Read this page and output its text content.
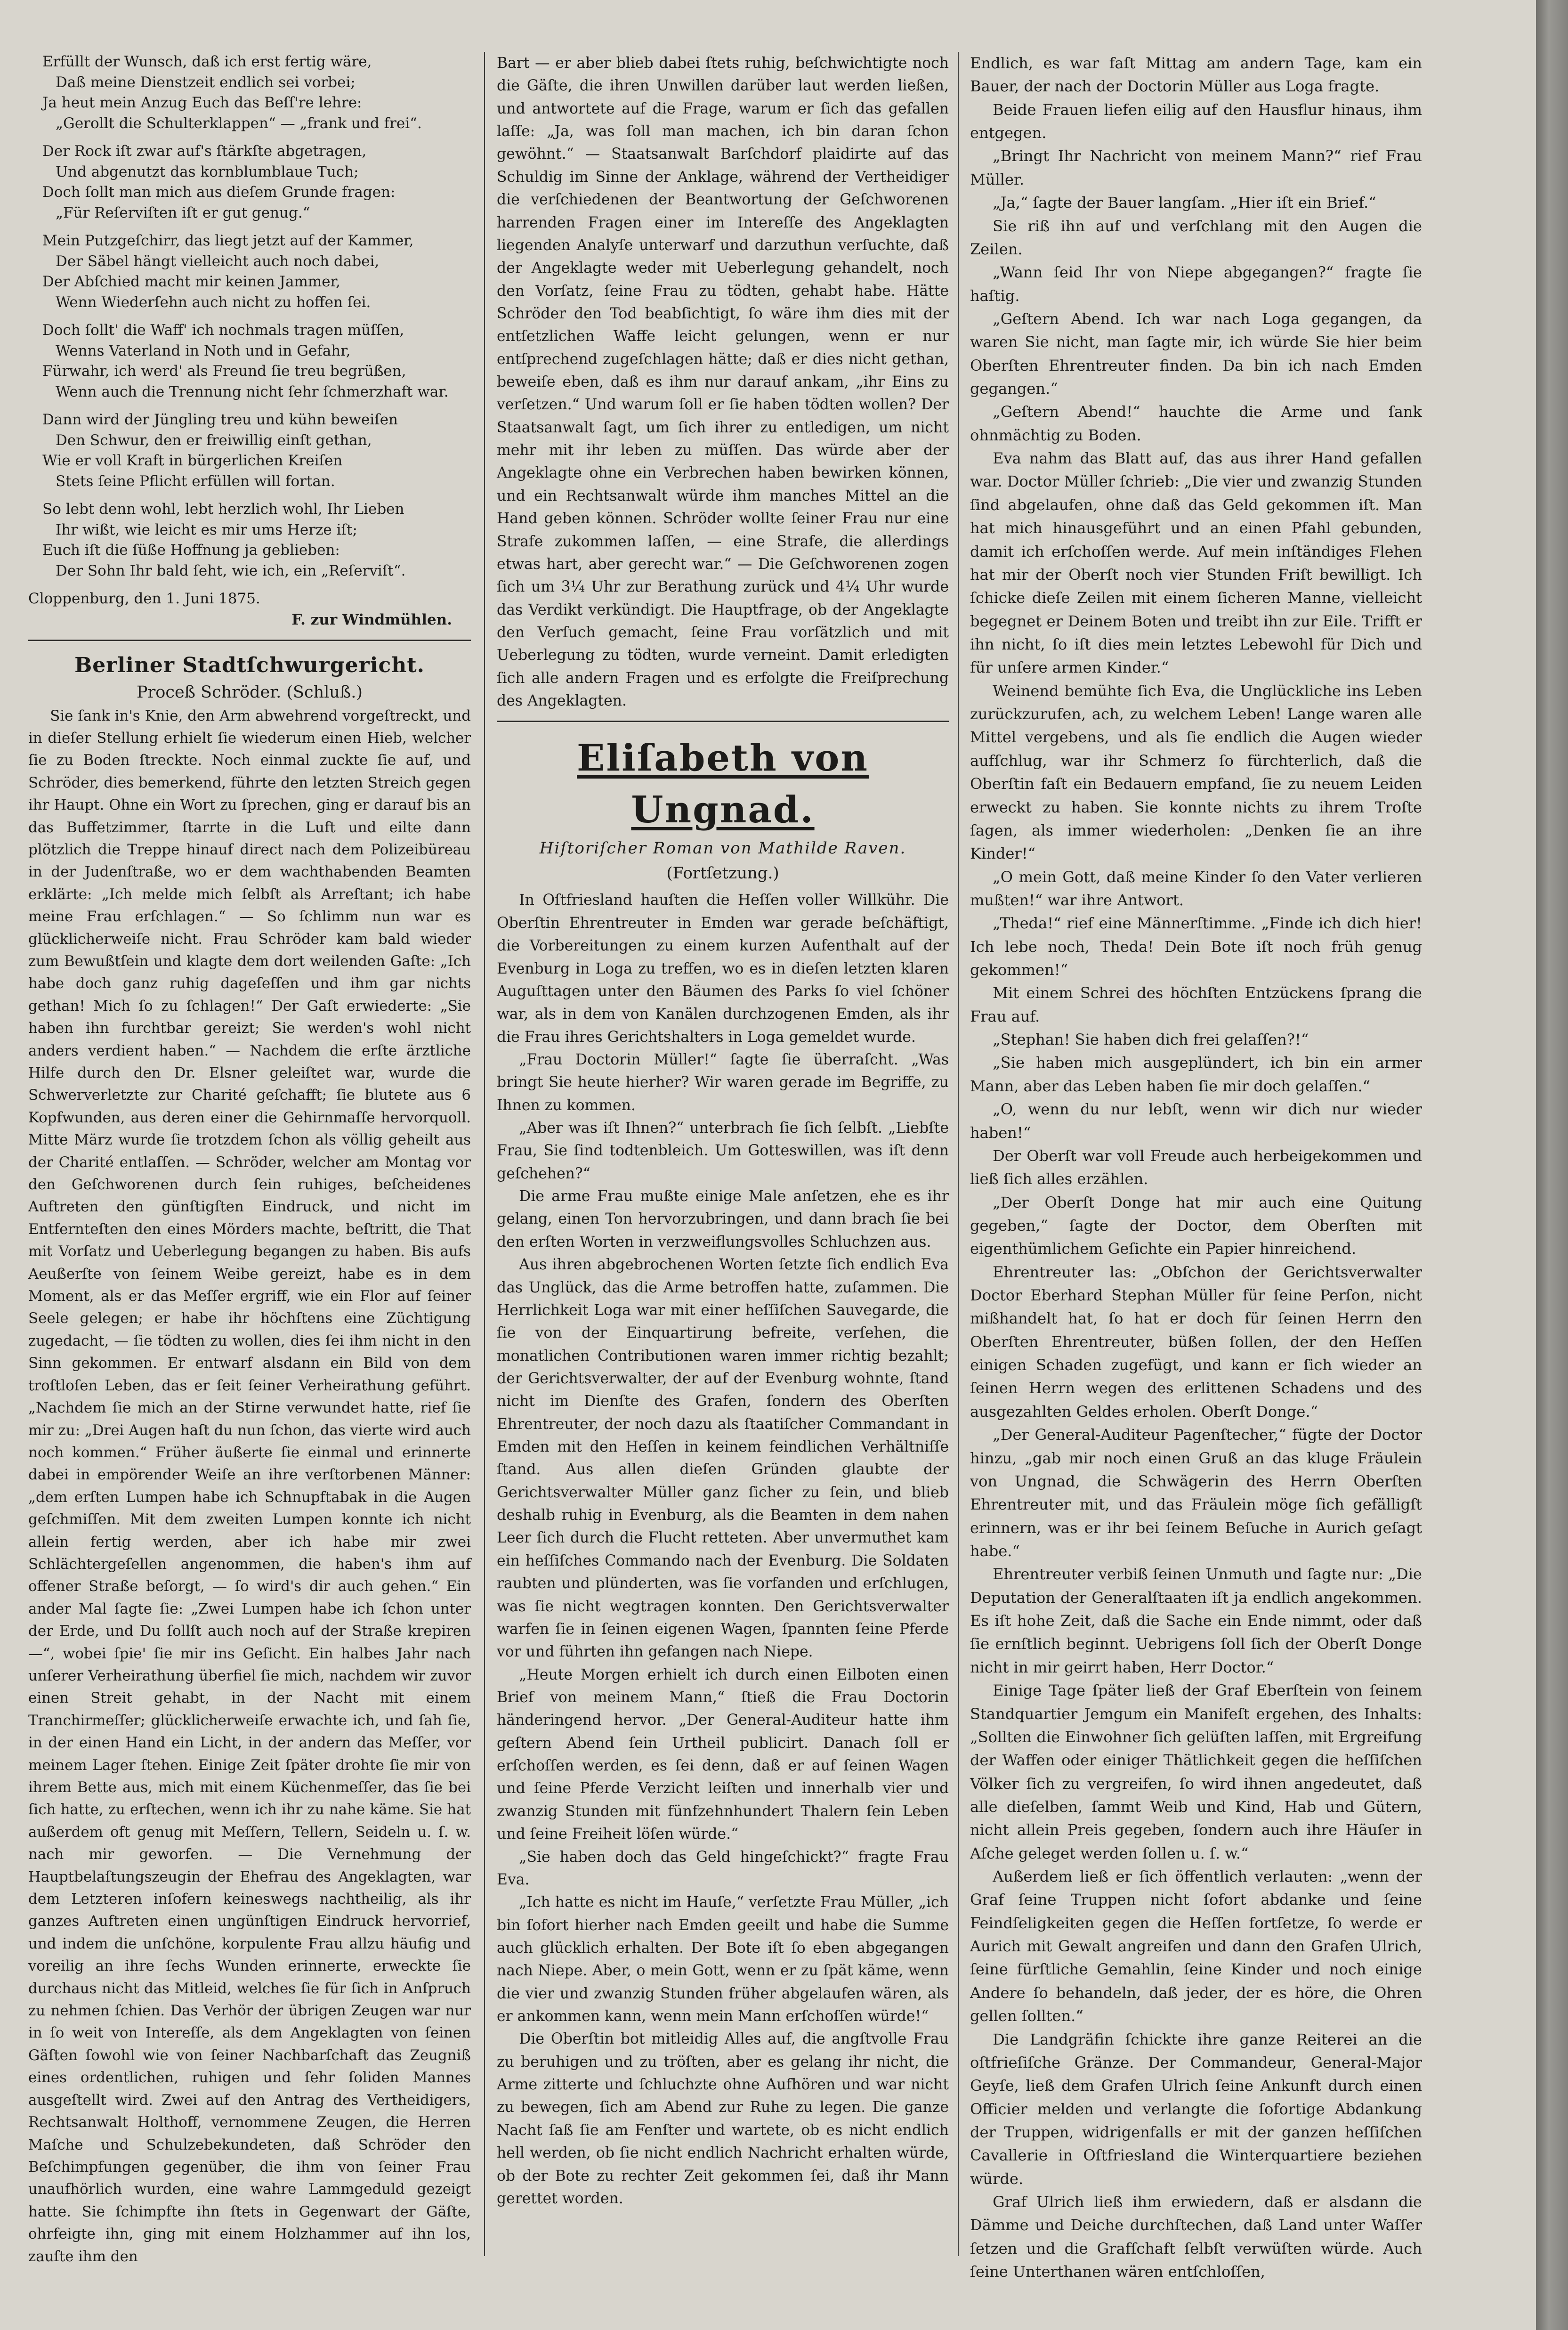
Erfüllt der Wunsch, daß ich erst fertig wäre,
Daß meine Dienstzeit endlich sei vorbei;
Ja heut mein Anzug Euch das Beſſ're lehre:
„Gerollt die Schulterklappen“ — „frank und frei“.
Der Rock iſt zwar auf's ſtärkſte abgetragen,
Und abgenutzt das kornblumblaue Tuch;
Doch ſollt man mich aus dieſem Grunde fragen:
„Für Reſerviſten iſt er gut genug.“
Mein Putzgeſchirr, das liegt jetzt auf der Kammer,
Der Säbel hängt vielleicht auch noch dabei,
Der Abſchied macht mir keinen Jammer,
Wenn Wiederſehn auch nicht zu hoffen ſei.
Doch ſollt' die Waff' ich nochmals tragen müſſen,
Wenns Vaterland in Noth und in Gefahr,
Fürwahr, ich werd' als Freund ſie treu begrüßen,
Wenn auch die Trennung nicht ſehr ſchmerzhaft war.
Dann wird der Jüngling treu und kühn beweiſen
Den Schwur, den er freiwillig einſt gethan,
Wie er voll Kraft in bürgerlichen Kreiſen
Stets ſeine Pflicht erfüllen will fortan.
So lebt denn wohl, lebt herzlich wohl, Ihr Lieben
Ihr wißt, wie leicht es mir ums Herze iſt;
Euch iſt die ſüße Hoffnung ja geblieben:
Der Sohn Ihr bald ſeht, wie ich, ein „Reſerviſt“.
Cloppenburg, den 1. Juni 1875.
F. zur Windmühlen.
Berliner Stadtſchwurgericht.
Proceß Schröder. (Schluß.)

Sie ſank in's Knie, den Arm abwehrend vorgeſtreckt, und in dieſer Stellung erhielt ſie wiederum einen Hieb, welcher ſie zu Boden ſtreckte. Noch einmal zuckte ſie auf, und Schröder, dies bemerkend, führte den letzten Streich gegen ihr Haupt. Ohne ein Wort zu ſprechen, ging er darauf bis an das Buffetzimmer, ſtarrte in die Luft und eilte dann plötzlich die Treppe hinauf direct nach dem Polizeibüreau in der Judenſtraße, wo er dem wachthabenden Beamten erklärte: „Ich melde mich ſelbſt als Arreſtant; ich habe meine Frau erſchlagen.“ — So ſchlimm nun war es glücklicherweiſe nicht. Frau Schröder kam bald wieder zum Bewußtſein und klagte dem dort weilenden Gaſte: „Ich habe doch ganz ruhig dageſeſſen und ihm gar nichts gethan! Mich ſo zu ſchlagen!“ Der Gaſt erwiederte: „Sie haben ihn furchtbar gereizt; Sie werden's wohl nicht anders verdient haben.“ — Nachdem die erſte ärztliche Hilfe durch den Dr. Elsner geleiſtet war, wurde die Schwerverletzte zur Charité geſchafft; ſie blutete aus 6 Kopfwunden, aus deren einer die Gehirnmaſſe hervorquoll. Mitte März wurde ſie trotzdem ſchon als völlig geheilt aus der Charité entlaſſen. — Schröder, welcher am Montag vor den Geſchworenen durch ſein ruhiges, beſcheidenes Auftreten den günſtigſten Eindruck, und nicht im Entfernteſten den eines Mörders machte, beſtritt, die That mit Vorſatz und Ueberlegung begangen zu haben. Bis aufs Aeußerſte von ſeinem Weibe gereizt, habe es in dem Moment, als er das Meſſer ergriff, wie ein Flor auf ſeiner Seele gelegen; er habe ihr höchſtens eine Züchtigung zugedacht, — ſie tödten zu wollen, dies ſei ihm nicht in den Sinn gekommen. Er entwarf alsdann ein Bild von dem troſtloſen Leben, das er ſeit ſeiner Verheirathung geführt. „Nachdem ſie mich an der Stirne verwundet hatte, rief ſie mir zu: „Drei Augen haſt du nun ſchon, das vierte wird auch noch kommen.“ Früher äußerte ſie einmal und erinnerte dabei in empörender Weiſe an ihre verſtorbenen Männer: „dem erſten Lumpen habe ich Schnupftabak in die Augen geſchmiſſen. Mit dem zweiten Lumpen konnte ich nicht allein fertig werden, aber ich habe mir zwei Schlächtergeſellen angenommen, die haben's ihm auf offener Straße beſorgt, — ſo wird's dir auch gehen.“ Ein ander Mal ſagte ſie: „Zwei Lumpen habe ich ſchon unter der Erde, und Du ſollſt auch noch auf der Straße krepiren —“, wobei ſpie' ſie mir ins Geſicht. Ein halbes Jahr nach unſerer Verheirathung überfiel ſie mich, nachdem wir zuvor einen Streit gehabt, in der Nacht mit einem Tranchirmeſſer; glücklicherweiſe erwachte ich, und ſah ſie, in der einen Hand ein Licht, in der andern das Meſſer, vor meinem Lager ſtehen. Einige Zeit ſpäter drohte ſie mir von ihrem Bette aus, mich mit einem Küchenmeſſer, das ſie bei ſich hatte, zu erſtechen, wenn ich ihr zu nahe käme. Sie hat außerdem oft genug mit Meſſern, Tellern, Seideln u. ſ. w. nach mir geworfen. — Die Vernehmung der Hauptbelaſtungszeugin der Ehefrau des Angeklagten, war dem Letzteren inſofern keineswegs nachtheilig, als ihr ganzes Auftreten einen ungünſtigen Eindruck hervorrief, und indem die unſchöne, korpulente Frau allzu häufig und voreilig an ihre ſechs Wunden erinnerte, erweckte ſie durchaus nicht das Mitleid, welches ſie für ſich in Anſpruch zu nehmen ſchien. Das Verhör der übrigen Zeugen war nur in ſo weit von Intereſſe, als dem Angeklagten von ſeinen Gäſten ſowohl wie von ſeiner Nachbarſchaft das Zeugniß eines ordentlichen, ruhigen und ſehr ſoliden Mannes ausgeſtellt wird. Zwei auf den Antrag des Vertheidigers, Rechtsanwalt Holthoff, vernommene Zeugen, die Herren Maſche und Schulzebekundeten, daß Schröder den Beſchimpfungen gegenüber, die ihm von ſeiner Frau unaufhörlich wurden, eine wahre Lammgeduld gezeigt hatte. Sie ſchimpfte ihn ſtets in Gegenwart der Gäſte, ohrfeigte ihn, ging mit einem Holzhammer auf ihn los, zauſte ihm den

Bart — er aber blieb dabei ſtets ruhig, beſchwichtigte noch die Gäſte, die ihren Unwillen darüber laut werden ließen, und antwortete auf die Frage, warum er ſich das gefallen laſſe: „Ja, was ſoll man machen, ich bin daran ſchon gewöhnt.“ — Staatsanwalt Barſchdorf plaidirte auf das Schuldig im Sinne der Anklage, während der Vertheidiger die verſchiedenen der Beantwortung der Geſchworenen harrenden Fragen einer im Intereſſe des Angeklagten liegenden Analyſe unterwarf und darzuthun verſuchte, daß der Angeklagte weder mit Ueberlegung gehandelt, noch den Vorſatz, ſeine Frau zu tödten, gehabt habe. Hätte Schröder den Tod beabſichtigt, ſo wäre ihm dies mit der entſetzlichen Waffe leicht gelungen, wenn er nur entſprechend zugeſchlagen hätte; daß er dies nicht gethan, beweiſe eben, daß es ihm nur darauf ankam, „ihr Eins zu verſetzen.“ Und warum ſoll er ſie haben tödten wollen? Der Staatsanwalt ſagt, um ſich ihrer zu entledigen, um nicht mehr mit ihr leben zu müſſen. Das würde aber der Angeklagte ohne ein Verbrechen haben bewirken können, und ein Rechtsanwalt würde ihm manches Mittel an die Hand geben können. Schröder wollte ſeiner Frau nur eine Strafe zukommen laſſen, — eine Strafe, die allerdings etwas hart, aber gerecht war.“ — Die Geſchworenen zogen ſich um 3¼ Uhr zur Berathung zurück und 4¼ Uhr wurde das Verdikt verkündigt. Die Hauptfrage, ob der Angeklagte den Verſuch gemacht, ſeine Frau vorſätzlich und mit Ueberlegung zu tödten, wurde verneint. Damit erledigten ſich alle andern Fragen und es erfolgte die Freiſprechung des Angeklagten.

Eliſabeth von Ungnad.
Hiſtoriſcher Roman von Mathilde Raven.
(Fortſetzung.)

In Oſtfriesland hauſten die Heſſen voller Willkühr. Die Oberſtin Ehrentreuter in Emden war gerade beſchäftigt, die Vorbereitungen zu einem kurzen Aufenthalt auf der Evenburg in Loga zu treffen, wo es in dieſen letzten klaren Auguſttagen unter den Bäumen des Parks ſo viel ſchöner war, als in dem von Kanälen durchzogenen Emden, als ihr die Frau ihres Gerichtshalters in Loga gemeldet wurde.

„Frau Doctorin Müller!“ ſagte ſie überraſcht. „Was bringt Sie heute hierher? Wir waren gerade im Begriffe, zu Ihnen zu kommen.

„Aber was iſt Ihnen?“ unterbrach ſie ſich ſelbſt. „Liebſte Frau, Sie ſind todtenbleich. Um Gotteswillen, was iſt denn geſchehen?“

Die arme Frau mußte einige Male anſetzen, ehe es ihr gelang, einen Ton hervorzubringen, und dann brach ſie bei den erſten Worten in verzweiflungsvolles Schluchzen aus.

Aus ihren abgebrochenen Worten ſetzte ſich endlich Eva das Unglück, das die Arme betroffen hatte, zuſammen. Die Herrlichkeit Loga war mit einer heſſiſchen Sauvegarde, die ſie von der Einquartirung befreite, verſehen, die monatlichen Contributionen waren immer richtig bezahlt; der Gerichtsverwalter, der auf der Evenburg wohnte, ſtand nicht im Dienſte des Grafen, ſondern des Oberſten Ehrentreuter, der noch dazu als ſtaatiſcher Commandant in Emden mit den Heſſen in keinem feindlichen Verhältniſſe ſtand. Aus allen dieſen Gründen glaubte der Gerichtsverwalter Müller ganz ſicher zu ſein, und blieb deshalb ruhig in Evenburg, als die Beamten in dem nahen Leer ſich durch die Flucht retteten. Aber unvermuthet kam ein heſſiſches Commando nach der Evenburg. Die Soldaten raubten und plünderten, was ſie vorfanden und erſchlugen, was ſie nicht wegtragen konnten. Den Gerichtsverwalter warfen ſie in ſeinen eigenen Wagen, ſpannten ſeine Pferde vor und führten ihn gefangen nach Niepe.

„Heute Morgen erhielt ich durch einen Eilboten einen Brief von meinem Mann,“ ſtieß die Frau Doctorin händeringend hervor. „Der General-Auditeur hatte ihm geſtern Abend ſein Urtheil publicirt. Danach ſoll er erſchoſſen werden, es ſei denn, daß er auf ſeinen Wagen und ſeine Pferde Verzicht leiſten und innerhalb vier und zwanzig Stunden mit fünfzehnhundert Thalern ſein Leben und ſeine Freiheit löſen würde.“

„Sie haben doch das Geld hingeſchickt?“ fragte Frau Eva.

„Ich hatte es nicht im Hauſe,“ verſetzte Frau Müller, „ich bin ſofort hierher nach Emden geeilt und habe die Summe auch glücklich erhalten. Der Bote iſt ſo eben abgegangen nach Niepe. Aber, o mein Gott, wenn er zu ſpät käme, wenn die vier und zwanzig Stunden früher abgelaufen wären, als er ankommen kann, wenn mein Mann erſchoſſen würde!“

Die Oberſtin bot mitleidig Alles auf, die angſtvolle Frau zu beruhigen und zu tröſten, aber es gelang ihr nicht, die Arme zitterte und ſchluchzte ohne Aufhören und war nicht zu bewegen, ſich am Abend zur Ruhe zu legen. Die ganze Nacht ſaß ſie am Fenſter und wartete, ob es nicht endlich hell werden, ob ſie nicht endlich Nachricht erhalten würde, ob der Bote zu rechter Zeit gekommen ſei, daß ihr Mann gerettet worden.

Endlich, es war faſt Mittag am andern Tage, kam ein Bauer, der nach der Doctorin Müller aus Loga fragte.

Beide Frauen liefen eilig auf den Hausflur hinaus, ihm entgegen.

„Bringt Ihr Nachricht von meinem Mann?“ rief Frau Müller.

„Ja,“ ſagte der Bauer langſam. „Hier iſt ein Brief.“

Sie riß ihn auf und verſchlang mit den Augen die Zeilen.

„Wann ſeid Ihr von Niepe abgegangen?“ fragte ſie haſtig.

„Geſtern Abend. Ich war nach Loga gegangen, da waren Sie nicht, man ſagte mir, ich würde Sie hier beim Oberſten Ehrentreuter finden. Da bin ich nach Emden gegangen.“

„Geſtern Abend!“ hauchte die Arme und ſank ohnmächtig zu Boden.

Eva nahm das Blatt auf, das aus ihrer Hand gefallen war. Doctor Müller ſchrieb: „Die vier und zwanzig Stunden ſind abgelaufen, ohne daß das Geld gekommen iſt. Man hat mich hinausgeführt und an einen Pfahl gebunden, damit ich erſchoſſen werde. Auf mein inſtändiges Flehen hat mir der Oberſt noch vier Stunden Friſt bewilligt. Ich ſchicke dieſe Zeilen mit einem ſicheren Manne, vielleicht begegnet er Deinem Boten und treibt ihn zur Eile. Trifft er ihn nicht, ſo iſt dies mein letztes Lebewohl für Dich und für unſere armen Kinder.“

Weinend bemühte ſich Eva, die Unglückliche ins Leben zurückzurufen, ach, zu welchem Leben! Lange waren alle Mittel vergebens, und als ſie endlich die Augen wieder aufſchlug, war ihr Schmerz ſo fürchterlich, daß die Oberſtin faſt ein Bedauern empfand, ſie zu neuem Leiden erweckt zu haben. Sie konnte nichts zu ihrem Troſte ſagen, als immer wiederholen: „Denken ſie an ihre Kinder!“

„O mein Gott, daß meine Kinder ſo den Vater verlieren mußten!“ war ihre Antwort.

„Theda!“ rief eine Männerſtimme. „Finde ich dich hier! Ich lebe noch, Theda! Dein Bote iſt noch früh genug gekommen!“

Mit einem Schrei des höchſten Entzückens ſprang die Frau auf.

„Stephan! Sie haben dich frei gelaſſen?!“

„Sie haben mich ausgeplündert, ich bin ein armer Mann, aber das Leben haben ſie mir doch gelaſſen.“

„O, wenn du nur lebſt, wenn wir dich nur wieder haben!“

Der Oberſt war voll Freude auch herbeigekommen und ließ ſich alles erzählen.

„Der Oberſt Donge hat mir auch eine Quitung gegeben,“ ſagte der Doctor, dem Oberſten mit eigenthümlichem Geſichte ein Papier hinreichend.

Ehrentreuter las: „Obſchon der Gerichtsverwalter Doctor Eberhard Stephan Müller für ſeine Perſon, nicht mißhandelt hat, ſo hat er doch für ſeinen Herrn den Oberſten Ehrentreuter, büßen ſollen, der den Heſſen einigen Schaden zugefügt, und kann er ſich wieder an ſeinen Herrn wegen des erlittenen Schadens und des ausgezahlten Geldes erholen. Oberſt Donge.“

„Der General-Auditeur Pagenſtecher,“ fügte der Doctor hinzu, „gab mir noch einen Gruß an das kluge Fräulein von Ungnad, die Schwägerin des Herrn Oberſten Ehrentreuter mit, und das Fräulein möge ſich gefälligſt erinnern, was er ihr bei ſeinem Beſuche in Aurich geſagt habe.“

Ehrentreuter verbiß ſeinen Unmuth und ſagte nur: „Die Deputation der Generalſtaaten iſt ja endlich angekommen. Es iſt hohe Zeit, daß die Sache ein Ende nimmt, oder daß ſie ernſtlich beginnt. Uebrigens ſoll ſich der Oberſt Donge nicht in mir geirrt haben, Herr Doctor.“

Einige Tage ſpäter ließ der Graf Eberſtein von ſeinem Standquartier Jemgum ein Manifeſt ergehen, des Inhalts: „Sollten die Einwohner ſich gelüſten laſſen, mit Ergreifung der Waffen oder einiger Thätlichkeit gegen die heſſiſchen Völker ſich zu vergreifen, ſo wird ihnen angedeutet, daß alle dieſelben, ſammt Weib und Kind, Hab und Gütern, nicht allein Preis gegeben, ſondern auch ihre Häuſer in Aſche geleget werden ſollen u. ſ. w.“

Außerdem ließ er ſich öffentlich verlauten: „wenn der Graf ſeine Truppen nicht ſofort abdanke und ſeine Feindſeligkeiten gegen die Heſſen fortſetze, ſo werde er Aurich mit Gewalt angreifen und dann den Grafen Ulrich, ſeine fürſtliche Gemahlin, ſeine Kinder und noch einige Andere ſo behandeln, daß jeder, der es höre, die Ohren gellen ſollten.“

Die Landgräfin ſchickte ihre ganze Reiterei an die oſtfrieſiſche Gränze. Der Commandeur, General-Major Geyſe, ließ dem Grafen Ulrich ſeine Ankunft durch einen Officier melden und verlangte die ſofortige Abdankung der Truppen, widrigenfalls er mit der ganzen heſſiſchen Cavallerie in Oſtfriesland die Winterquartiere beziehen würde.

Graf Ulrich ließ ihm erwiedern, daß er alsdann die Dämme und Deiche durchſtechen, daß Land unter Waſſer ſetzen und die Grafſchaft ſelbſt verwüſten würde. Auch ſeine Unterthanen wären entſchloſſen,
